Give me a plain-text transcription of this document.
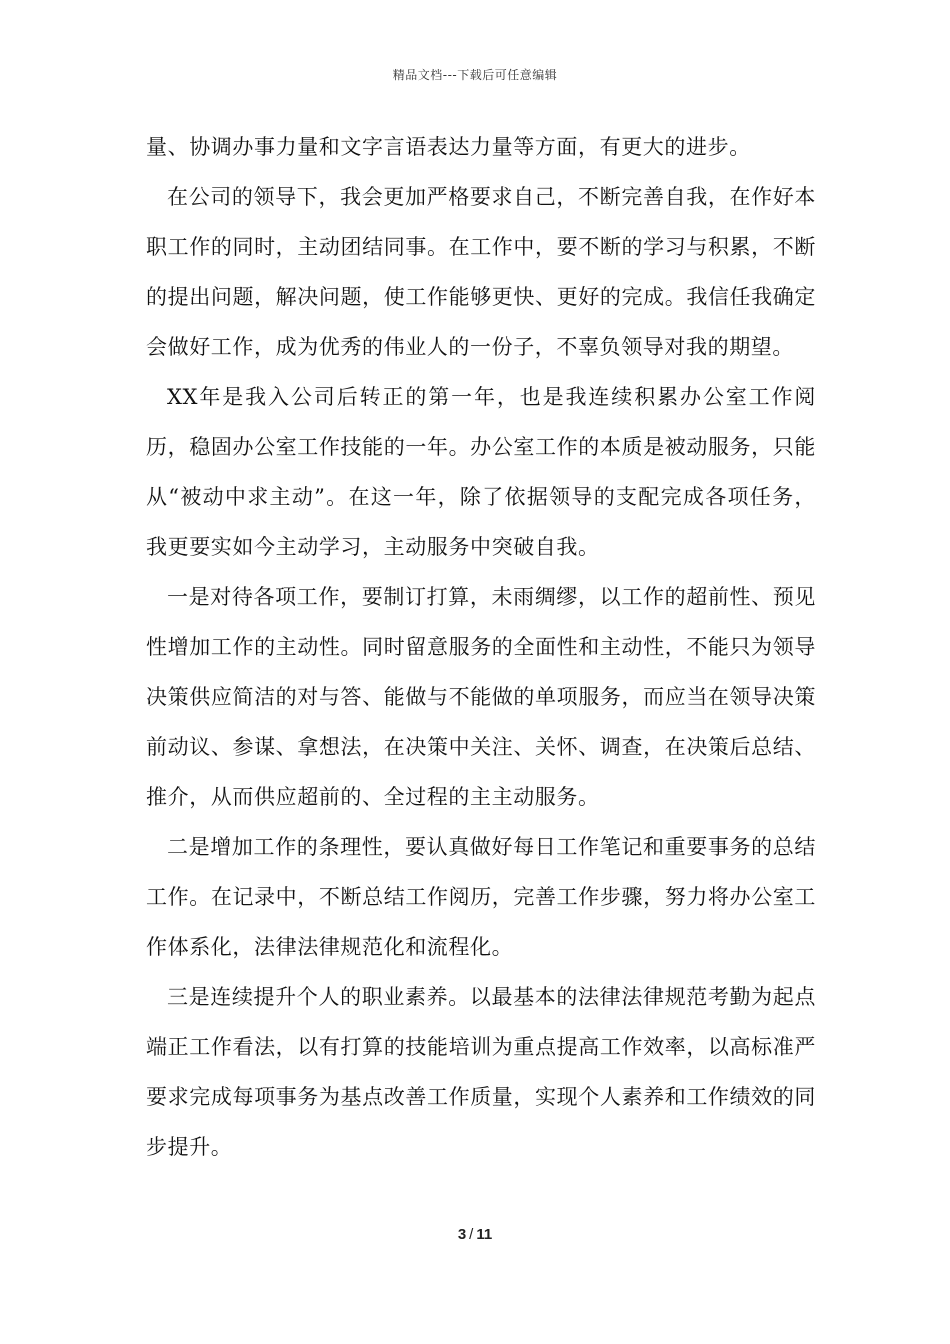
精品文档---下载后可任意编辑

量、协调办事力量和文字言语表达力量等方面，有更大的进步。

在公司的领导下，我会更加严格要求自己，不断完善自我，在作好本职工作的同时，主动团结同事。在工作中，要不断的学习与积累，不断的提出问题，解决问题，使工作能够更快、更好的完成。我信任我确定会做好工作，成为优秀的伟业人的一份子，不辜负领导对我的期望。

XX年是我入公司后转正的第一年，也是我连续积累办公室工作阅历，稳固办公室工作技能的一年。办公室工作的本质是被动服务，只能从“被动中求主动”。在这一年，除了依据领导的支配完成各项任务，我更要实如今主动学习，主动服务中突破自我。

一是对待各项工作，要制订打算，未雨绸缪，以工作的超前性、预见性增加工作的主动性。同时留意服务的全面性和主动性，不能只为领导决策供应简洁的对与答、能做与不能做的单项服务，而应当在领导决策前动议、参谋、拿想法，在决策中关注、关怀、调查，在决策后总结、推介，从而供应超前的、全过程的主主动服务。

二是增加工作的条理性，要认真做好每日工作笔记和重要事务的总结工作。在记录中，不断总结工作阅历，完善工作步骤，努力将办公室工作体系化，法律法律规范化和流程化。

三是连续提升个人的职业素养。以最基本的法律法律规范考勤为起点端正工作看法，以有打算的技能培训为重点提高工作效率，以高标准严要求完成每项事务为基点改善工作质量，实现个人素养和工作绩效的同步提升。

3 / 11
